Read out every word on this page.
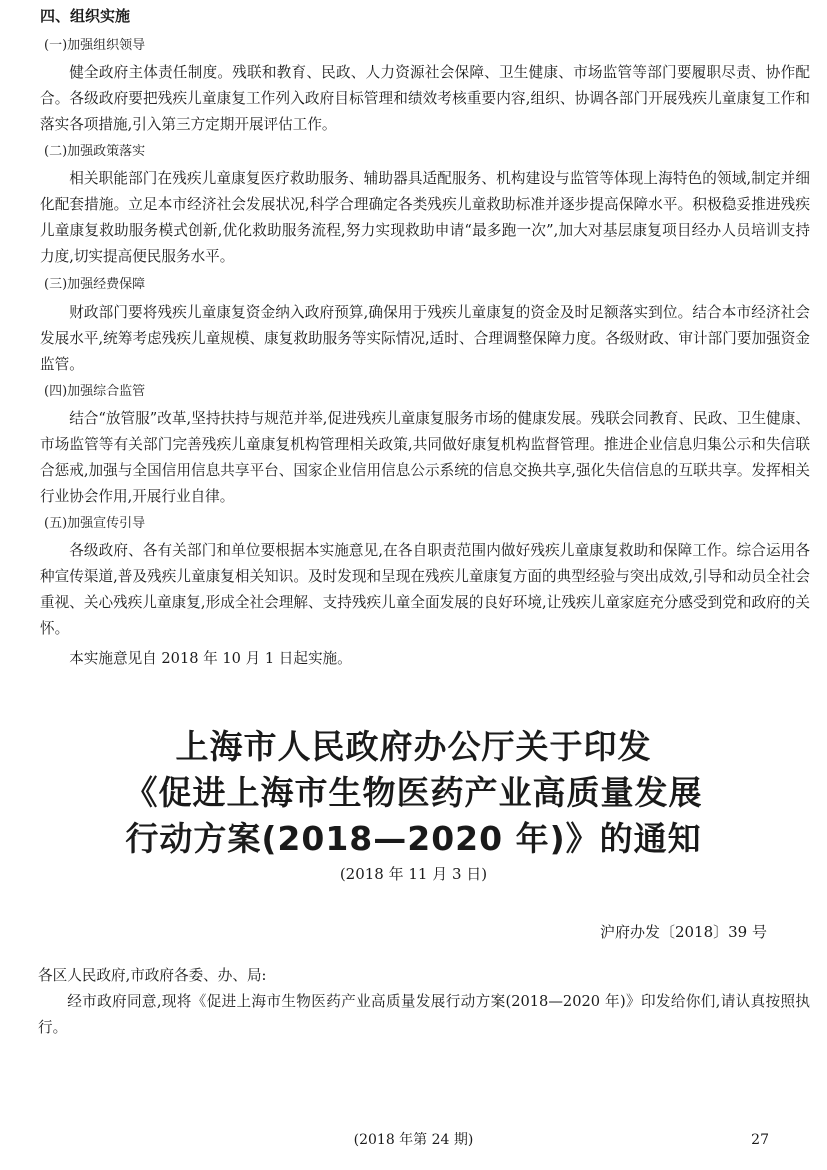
四、组织实施
(一)加强组织领导
健全政府主体责任制度。残联和教育、民政、人力资源社会保障、卫生健康、市场监管等部门要履职尽责、协作配合。各级政府要把残疾儿童康复工作列入政府目标管理和绩效考核重要内容,组织、协调各部门开展残疾儿童康复工作和落实各项措施,引入第三方定期开展评估工作。
(二)加强政策落实
相关职能部门在残疾儿童康复医疗救助服务、辅助器具适配服务、机构建设与监管等体现上海特色的领域,制定并细化配套措施。立足本市经济社会发展状况,科学合理确定各类残疾儿童救助标准并逐步提高保障水平。积极稳妥推进残疾儿童康复救助服务模式创新,优化救助服务流程,努力实现救助申请“最多跑一次”,加大对基层康复项目经办人员培训支持力度,切实提高便民服务水平。
(三)加强经费保障
财政部门要将残疾儿童康复资金纳入政府预算,确保用于残疾儿童康复的资金及时足额落实到位。结合本市经济社会发展水平,统筹考虑残疾儿童规模、康复救助服务等实际情况,适时、合理调整保障力度。各级财政、审计部门要加强资金监管。
(四)加强综合监管
结合“放管服”改革,坚持扶持与规范并举,促进残疾儿童康复服务市场的健康发展。残联会同教育、民政、卫生健康、市场监管等有关部门完善残疾儿童康复机构管理相关政策,共同做好康复机构监督管理。推进企业信息归集公示和失信联合惩戒,加强与全国信用信息共享平台、国家企业信用信息公示系统的信息交换共享,强化失信信息的互联共享。发挥相关行业协会作用,开展行业自律。
(五)加强宣传引导
各级政府、各有关部门和单位要根据本实施意见,在各自职责范围内做好残疾儿童康复救助和保障工作。综合运用各种宣传渠道,普及残疾儿童康复相关知识。及时发现和呈现在残疾儿童康复方面的典型经验与突出成效,引导和动员全社会重视、关心残疾儿童康复,形成全社会理解、支持残疾儿童全面发展的良好环境,让残疾儿童家庭充分感受到党和政府的关怀。
本实施意见自 2018 年 10 月 1 日起实施。
上海市人民政府办公厅关于印发
《促进上海市生物医药产业高质量发展
行动方案(2018—2020 年)》的通知
(2018 年 11 月 3 日)
沪府办发〔2018〕39 号
各区人民政府,市政府各委、办、局:
经市政府同意,现将《促进上海市生物医药产业高质量发展行动方案(2018—2020 年)》印发给你们,请认真按照执行。
(2018 年第 24 期)	27
